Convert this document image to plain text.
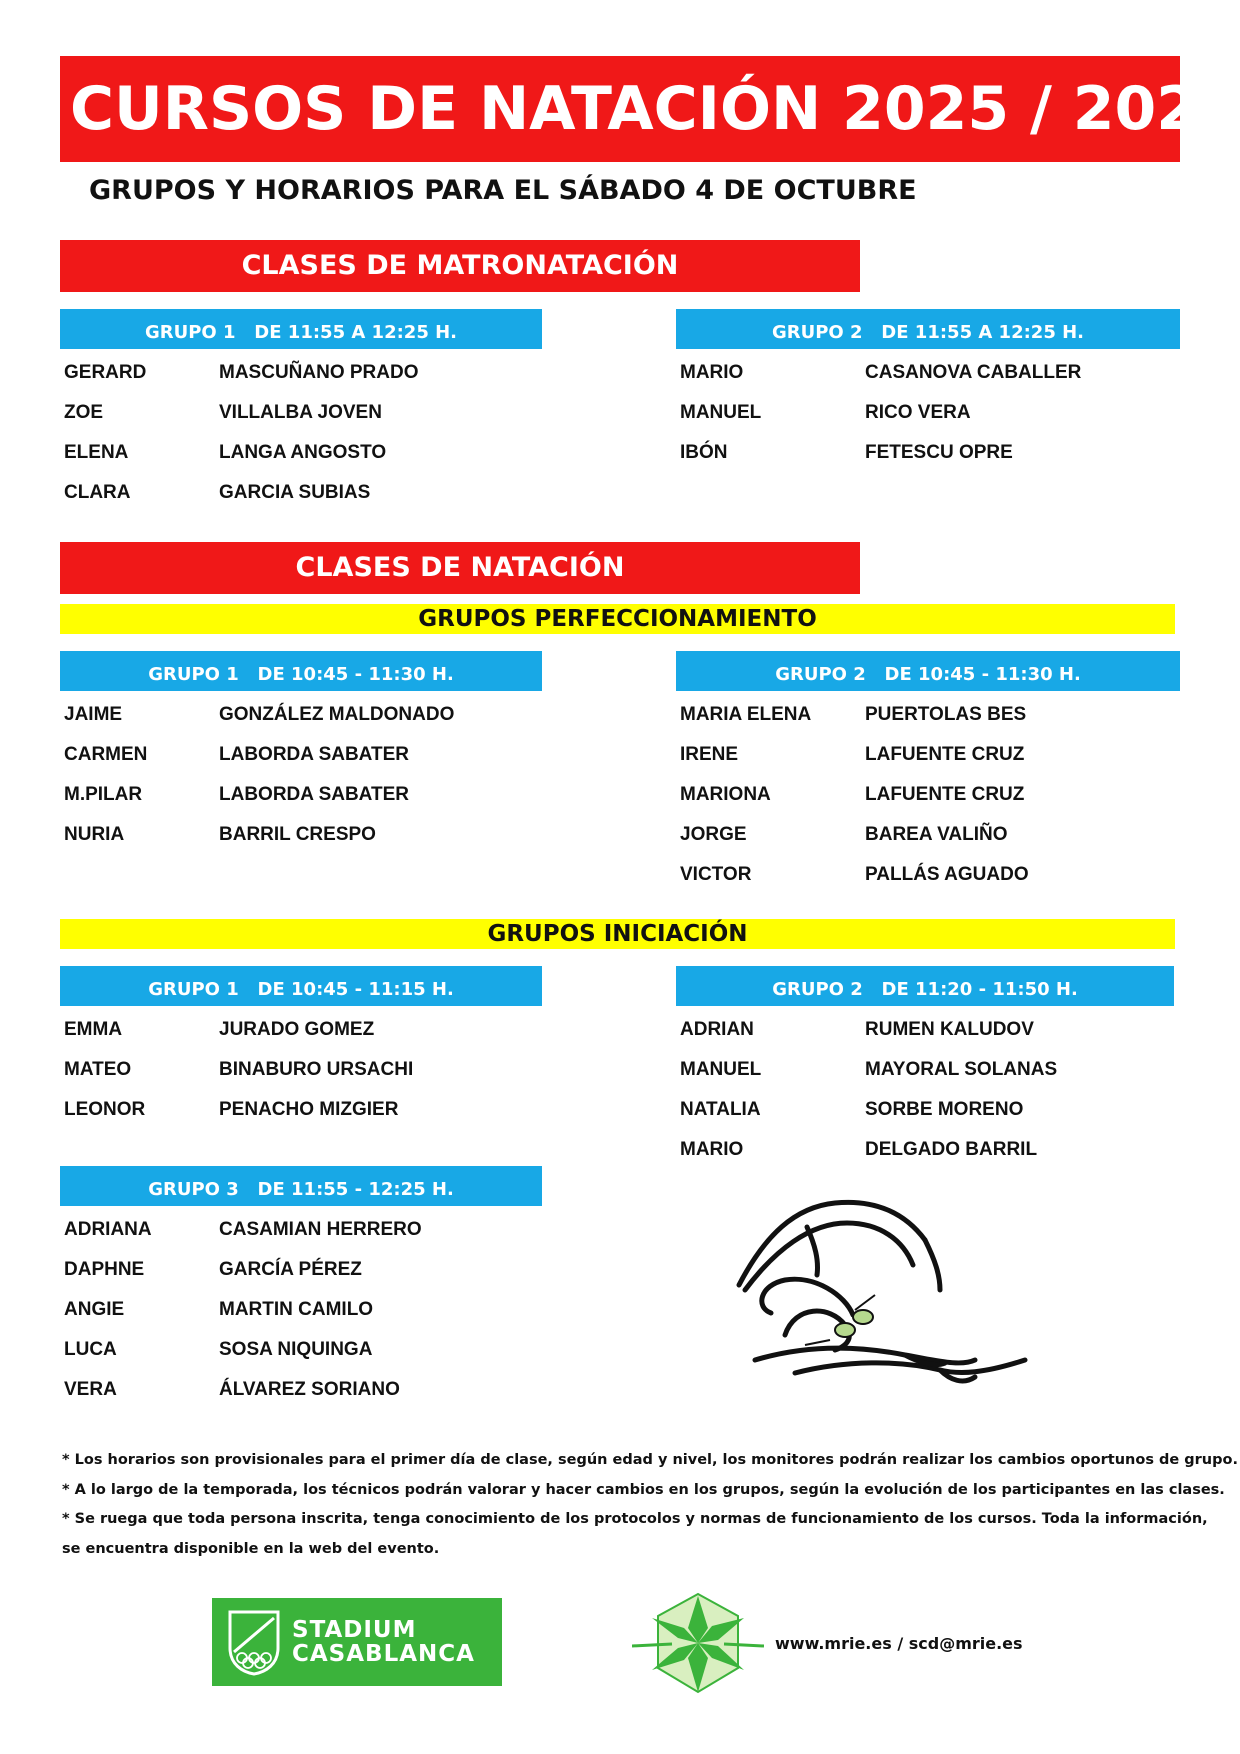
CURSOS DE NATACIÓN 2025 / 2026
GRUPOS Y HORARIOS PARA EL SÁBADO 4 DE OCTUBRE
CLASES DE MATRONATACIÓN
GRUPO 1   DE 11:55 A 12:25 H.	GRUPO 2   DE 11:55 A 12:25 H.
GERARD	MASCUÑANO PRADO
ZOE	VILLALBA JOVEN
ELENA	LANGA ANGOSTO
CLARA	GARCIA SUBIAS
MARIO	CASANOVA CABALLER
MANUEL	RICO VERA
IBÓN	FETESCU OPRE
CLASES DE NATACIÓN
GRUPOS PERFECCIONAMIENTO
GRUPO 1   DE 10:45 - 11:30 H.	GRUPO 2   DE 10:45 - 11:30 H.
JAIME	GONZÁLEZ MALDONADO
CARMEN	LABORDA SABATER
M.PILAR	LABORDA SABATER
NURIA	BARRIL CRESPO
MARIA ELENA	PUERTOLAS BES
IRENE	LAFUENTE CRUZ
MARIONA	LAFUENTE CRUZ
JORGE	BAREA VALIÑO
VICTOR	PALLÁS AGUADO
GRUPOS INICIACIÓN
GRUPO 1   DE 10:45 - 11:15 H.	GRUPO 2   DE 11:20 - 11:50 H.
EMMA	JURADO GOMEZ
MATEO	BINABURO URSACHI
LEONOR	PENACHO MIZGIER
ADRIAN	RUMEN KALUDOV
MANUEL	MAYORAL SOLANAS
NATALIA	SORBE MORENO
MARIO	DELGADO BARRIL
GRUPO 3   DE 11:55 - 12:25 H.
ADRIANA	CASAMIAN HERRERO
DAPHNE	GARCÍA PÉREZ
ANGIE	MARTIN CAMILO
LUCA	SOSA NIQUINGA
VERA	ÁLVAREZ SORIANO

* Los horarios son provisionales para el primer día de clase, según edad y nivel, los monitores podrán realizar los cambios oportunos de grupo.

* A lo largo de la temporada, los técnicos podrán valorar y hacer cambios en los grupos, según la evolución de los participantes en las clases.

* Se ruega que toda persona inscrita, tenga conocimiento de los protocolos y normas de funcionamiento de los cursos. Toda la información,

se encuentra disponible en la web del evento.

STADIUM
CASABLANCA	www.mrie.es / scd@mrie.es
